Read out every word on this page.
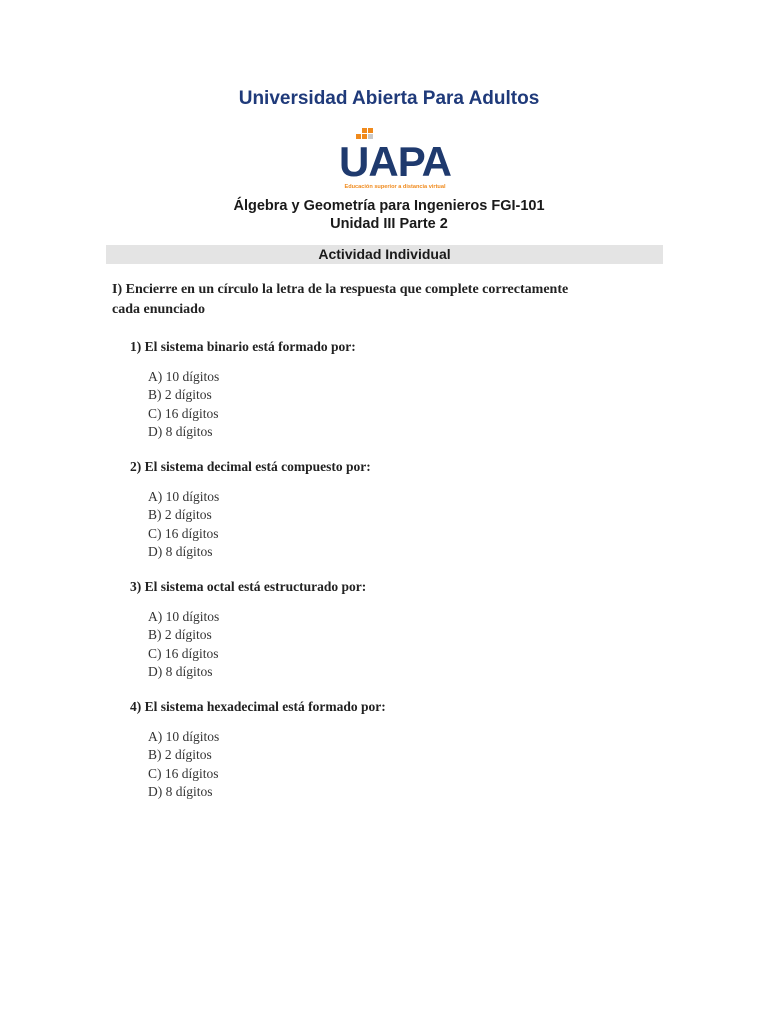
Universidad Abierta Para Adultos
UAPA
Educación superior a distancia virtual
Álgebra y Geometría para Ingenieros FGI-101
Unidad III Parte 2
Actividad Individual
I) Encierre en un círculo la letra de la respuesta que complete correctamente cada enunciado
1) El sistema binario está formado por:
A) 10 dígitos
B) 2 dígitos
C) 16 dígitos
D) 8 dígitos
2) El sistema decimal está compuesto por:
A) 10 dígitos
B) 2 dígitos
C) 16 dígitos
D) 8 dígitos
3) El sistema octal está estructurado por:
A) 10 dígitos
B) 2 dígitos
C) 16 dígitos
D) 8 dígitos
4) El sistema hexadecimal está formado por:
A) 10 dígitos
B) 2 dígitos
C) 16 dígitos
D) 8 dígitos
